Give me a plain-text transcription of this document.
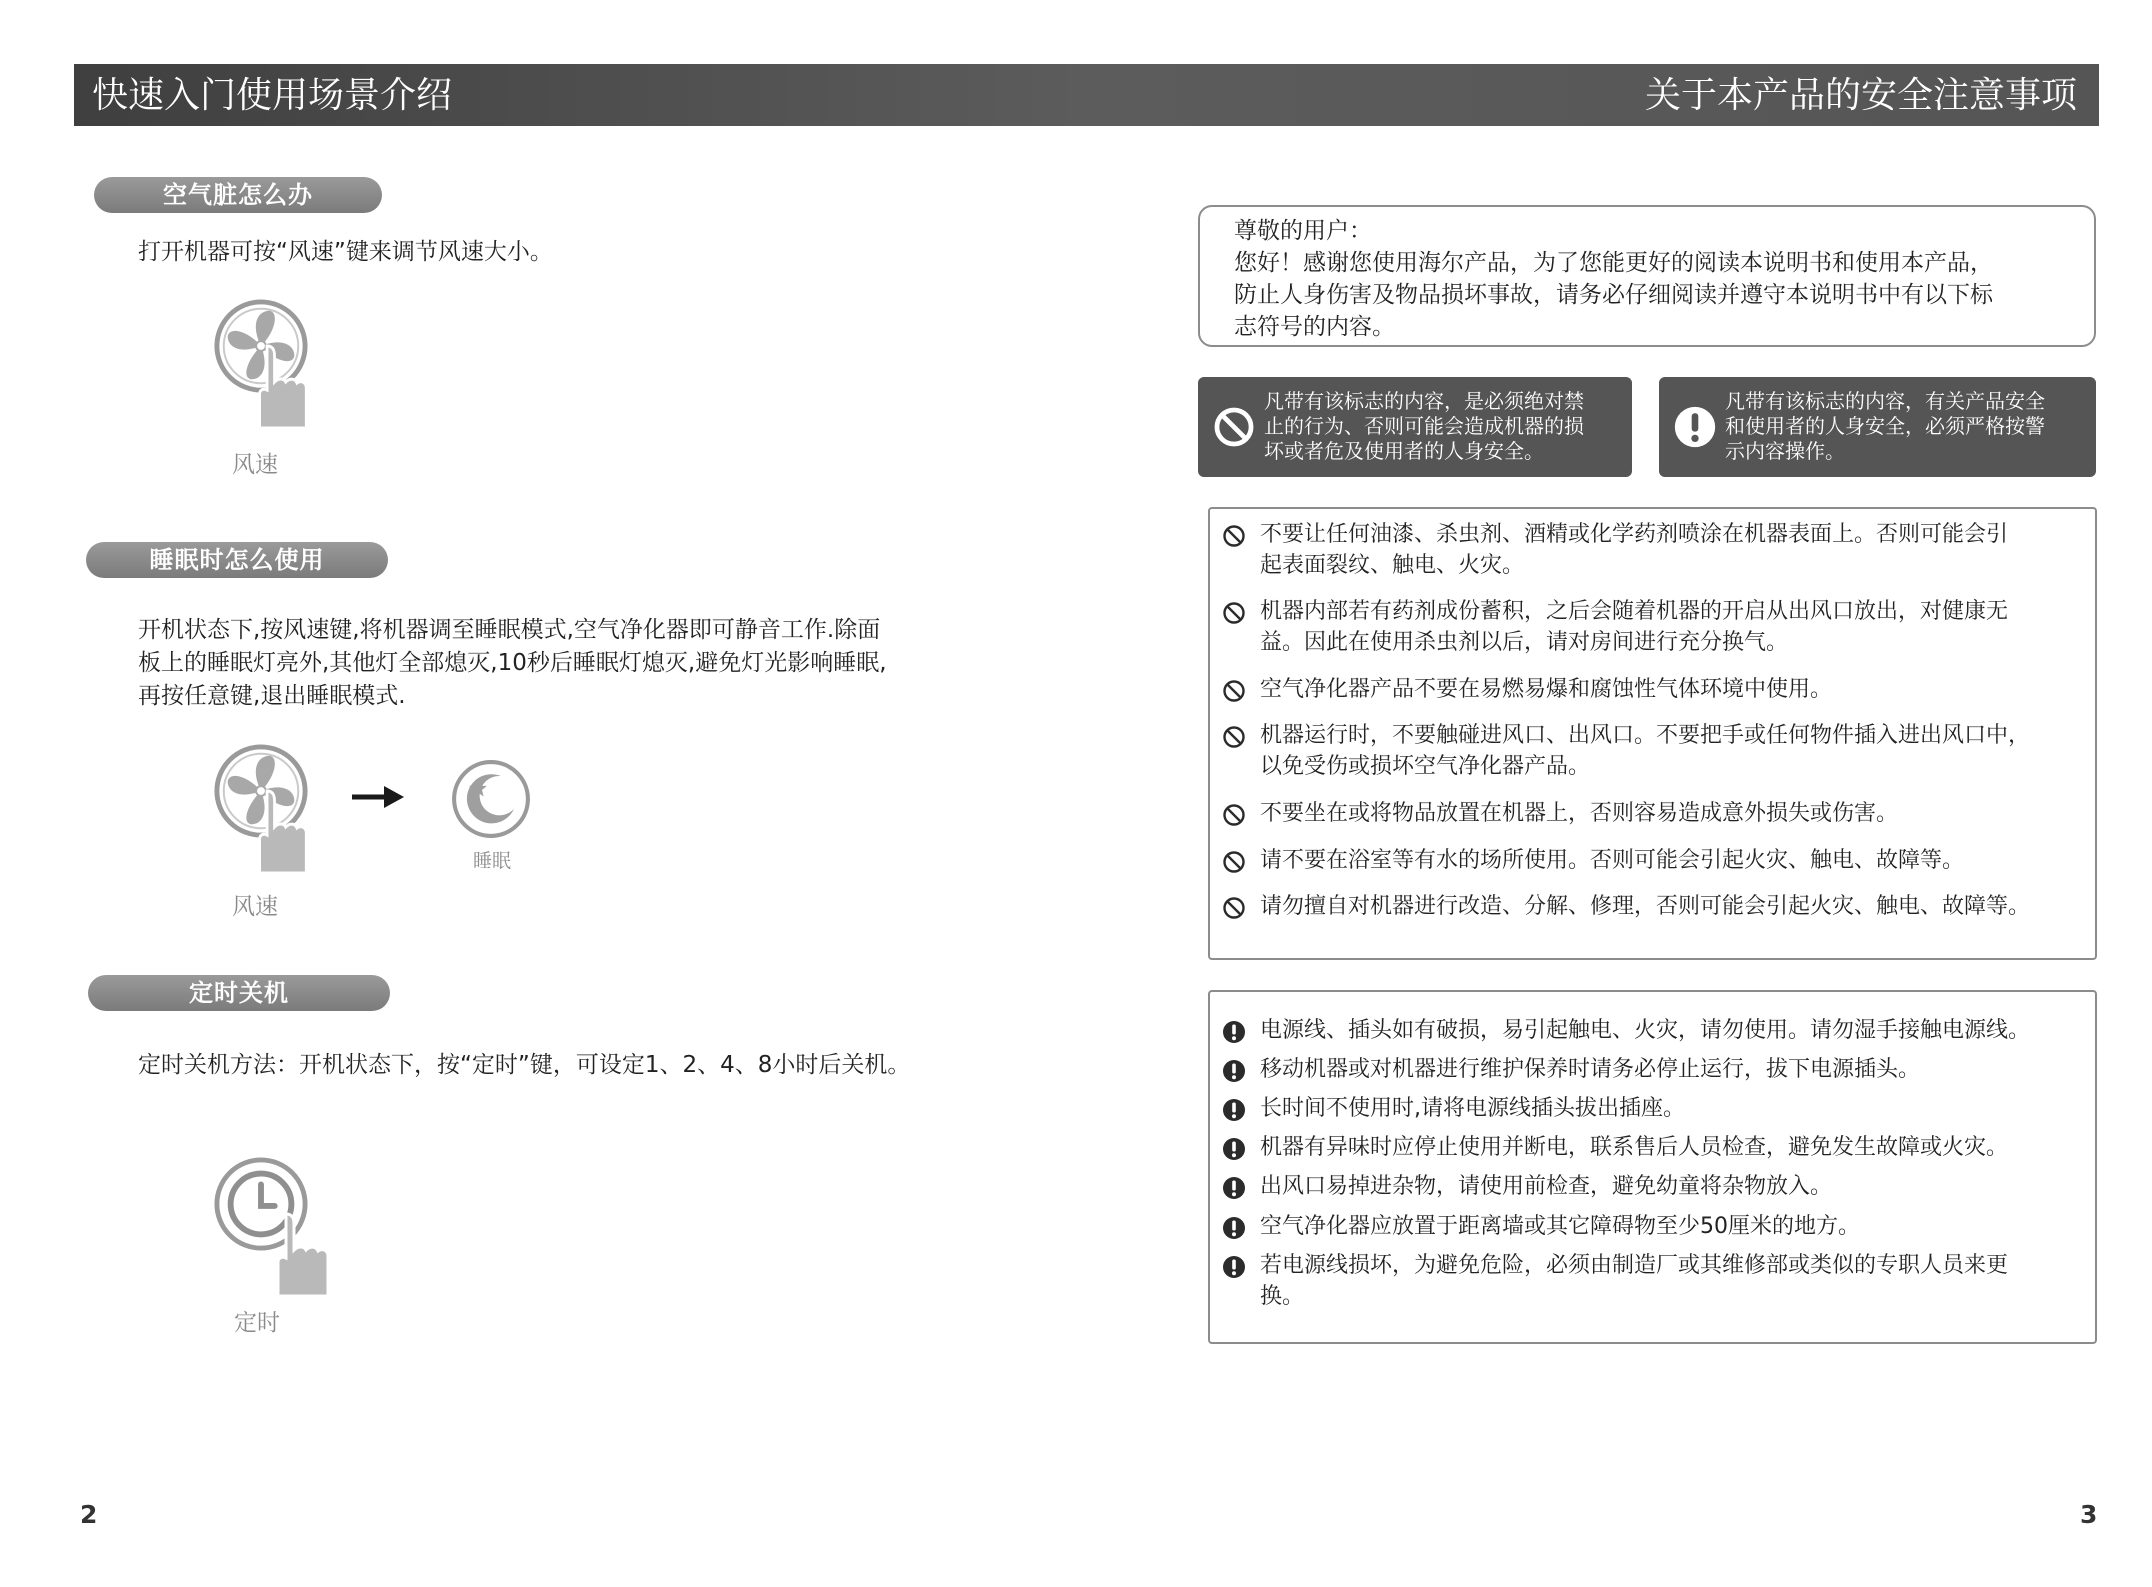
快速入门使用场景介绍	关于本产品的安全注意事项
空气脏怎么办
打开机器可按“风速”键来调节风速大小。
风速
睡眠时怎么使用
开机状态下,按风速键,将机器调至睡眠模式,空气净化器即可静音工作.除面
板上的睡眠灯亮外,其他灯全部熄灭,10秒后睡眠灯熄灭,避免灯光影响睡眠,
再按任意键,退出睡眠模式.
风速
睡眠
定时关机
定时关机方法：开机状态下，按“定时”键，可设定1、2、4、8小时后关机。
定时
2
尊敬的用户：
您好！感谢您使用海尔产品，为了您能更好的阅读本说明书和使用本产品，
防止人身伤害及物品损坏事故，请务必仔细阅读并遵守本说明书中有以下标
志符号的内容。
凡带有该标志的内容，是必须绝对禁
止的行为、否则可能会造成机器的损
坏或者危及使用者的人身安全。
凡带有该标志的内容，有关产品安全
和使用者的人身安全，必须严格按警
示内容操作。
不要让任何油漆、杀虫剂、酒精或化学药剂喷涂在机器表面上。否则可能会引
起表面裂纹、触电、火灾。
机器内部若有药剂成份蓄积，之后会随着机器的开启从出风口放出，对健康无
益。因此在使用杀虫剂以后，请对房间进行充分换气。
空气净化器产品不要在易燃易爆和腐蚀性气体环境中使用。
机器运行时，不要触碰进风口、出风口。不要把手或任何物件插入进出风口中，
以免受伤或损坏空气净化器产品。
不要坐在或将物品放置在机器上，否则容易造成意外损失或伤害。
请不要在浴室等有水的场所使用。否则可能会引起火灾、触电、故障等。
请勿擅自对机器进行改造、分解、修理，否则可能会引起火灾、触电、故障等。
电源线、插头如有破损，易引起触电、火灾，请勿使用。请勿湿手接触电源线。
移动机器或对机器进行维护保养时请务必停止运行，拔下电源插头。
长时间不使用时,请将电源线插头拔出插座。
机器有异味时应停止使用并断电，联系售后人员检查，避免发生故障或火灾。
出风口易掉进杂物，请使用前检查，避免幼童将杂物放入。
空气净化器应放置于距离墙或其它障碍物至少50厘米的地方。
若电源线损坏，为避免危险，必须由制造厂或其维修部或类似的专职人员来更
换。
3
